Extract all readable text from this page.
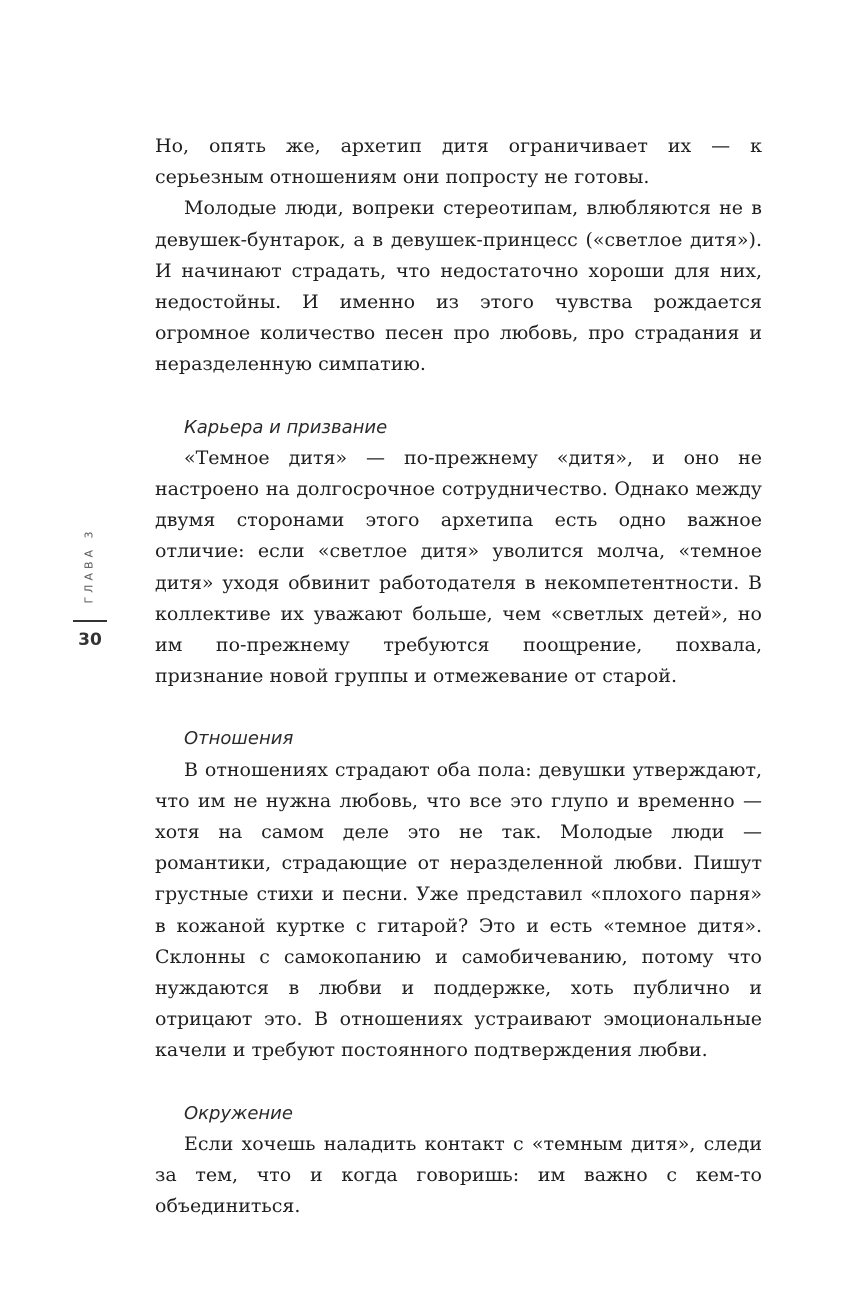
ГЛАВА 3
30

Но, опять же, архетип дитя ограничивает их — к серьезным отношениям они попросту не готовы.

Молодые люди, вопреки стереотипам, влюбляются не в девушек-бунтарок, а в девушек-принцесс («светлое дитя»). И начинают страдать, что недостаточно хороши для них, недостойны. И именно из этого чувства рождается огромное количество песен про любовь, про страдания и неразделенную симпатию.

Карьера и призвание

«Темное дитя» — по-прежнему «дитя», и оно не настроено на долгосрочное сотрудничество. Однако между двумя сторонами этого архетипа есть одно важное отличие: если «светлое дитя» уволится молча, «темное дитя» уходя обвинит работодателя в некомпетентности. В коллективе их уважают больше, чем «светлых детей», но им по-прежнему требуются поощрение, похвала, признание новой группы и отмежевание от старой.

Отношения

В отношениях страдают оба пола: девушки утверждают, что им не нужна любовь, что все это глупо и временно — хотя на самом деле это не так. Молодые люди — романтики, страдающие от неразделенной любви. Пишут грустные стихи и песни. Уже представил «плохого парня» в кожаной куртке с гитарой? Это и есть «темное дитя». Склонны с самокопанию и самобичеванию, потому что нуждаются в любви и поддержке, хоть публично и отрицают это. В отношениях устраивают эмоциональные качели и требуют постоянного подтверждения любви.

Окружение

Если хочешь наладить контакт с «темным дитя», следи за тем, что и когда говоришь: им важно с кем-то объединиться.
